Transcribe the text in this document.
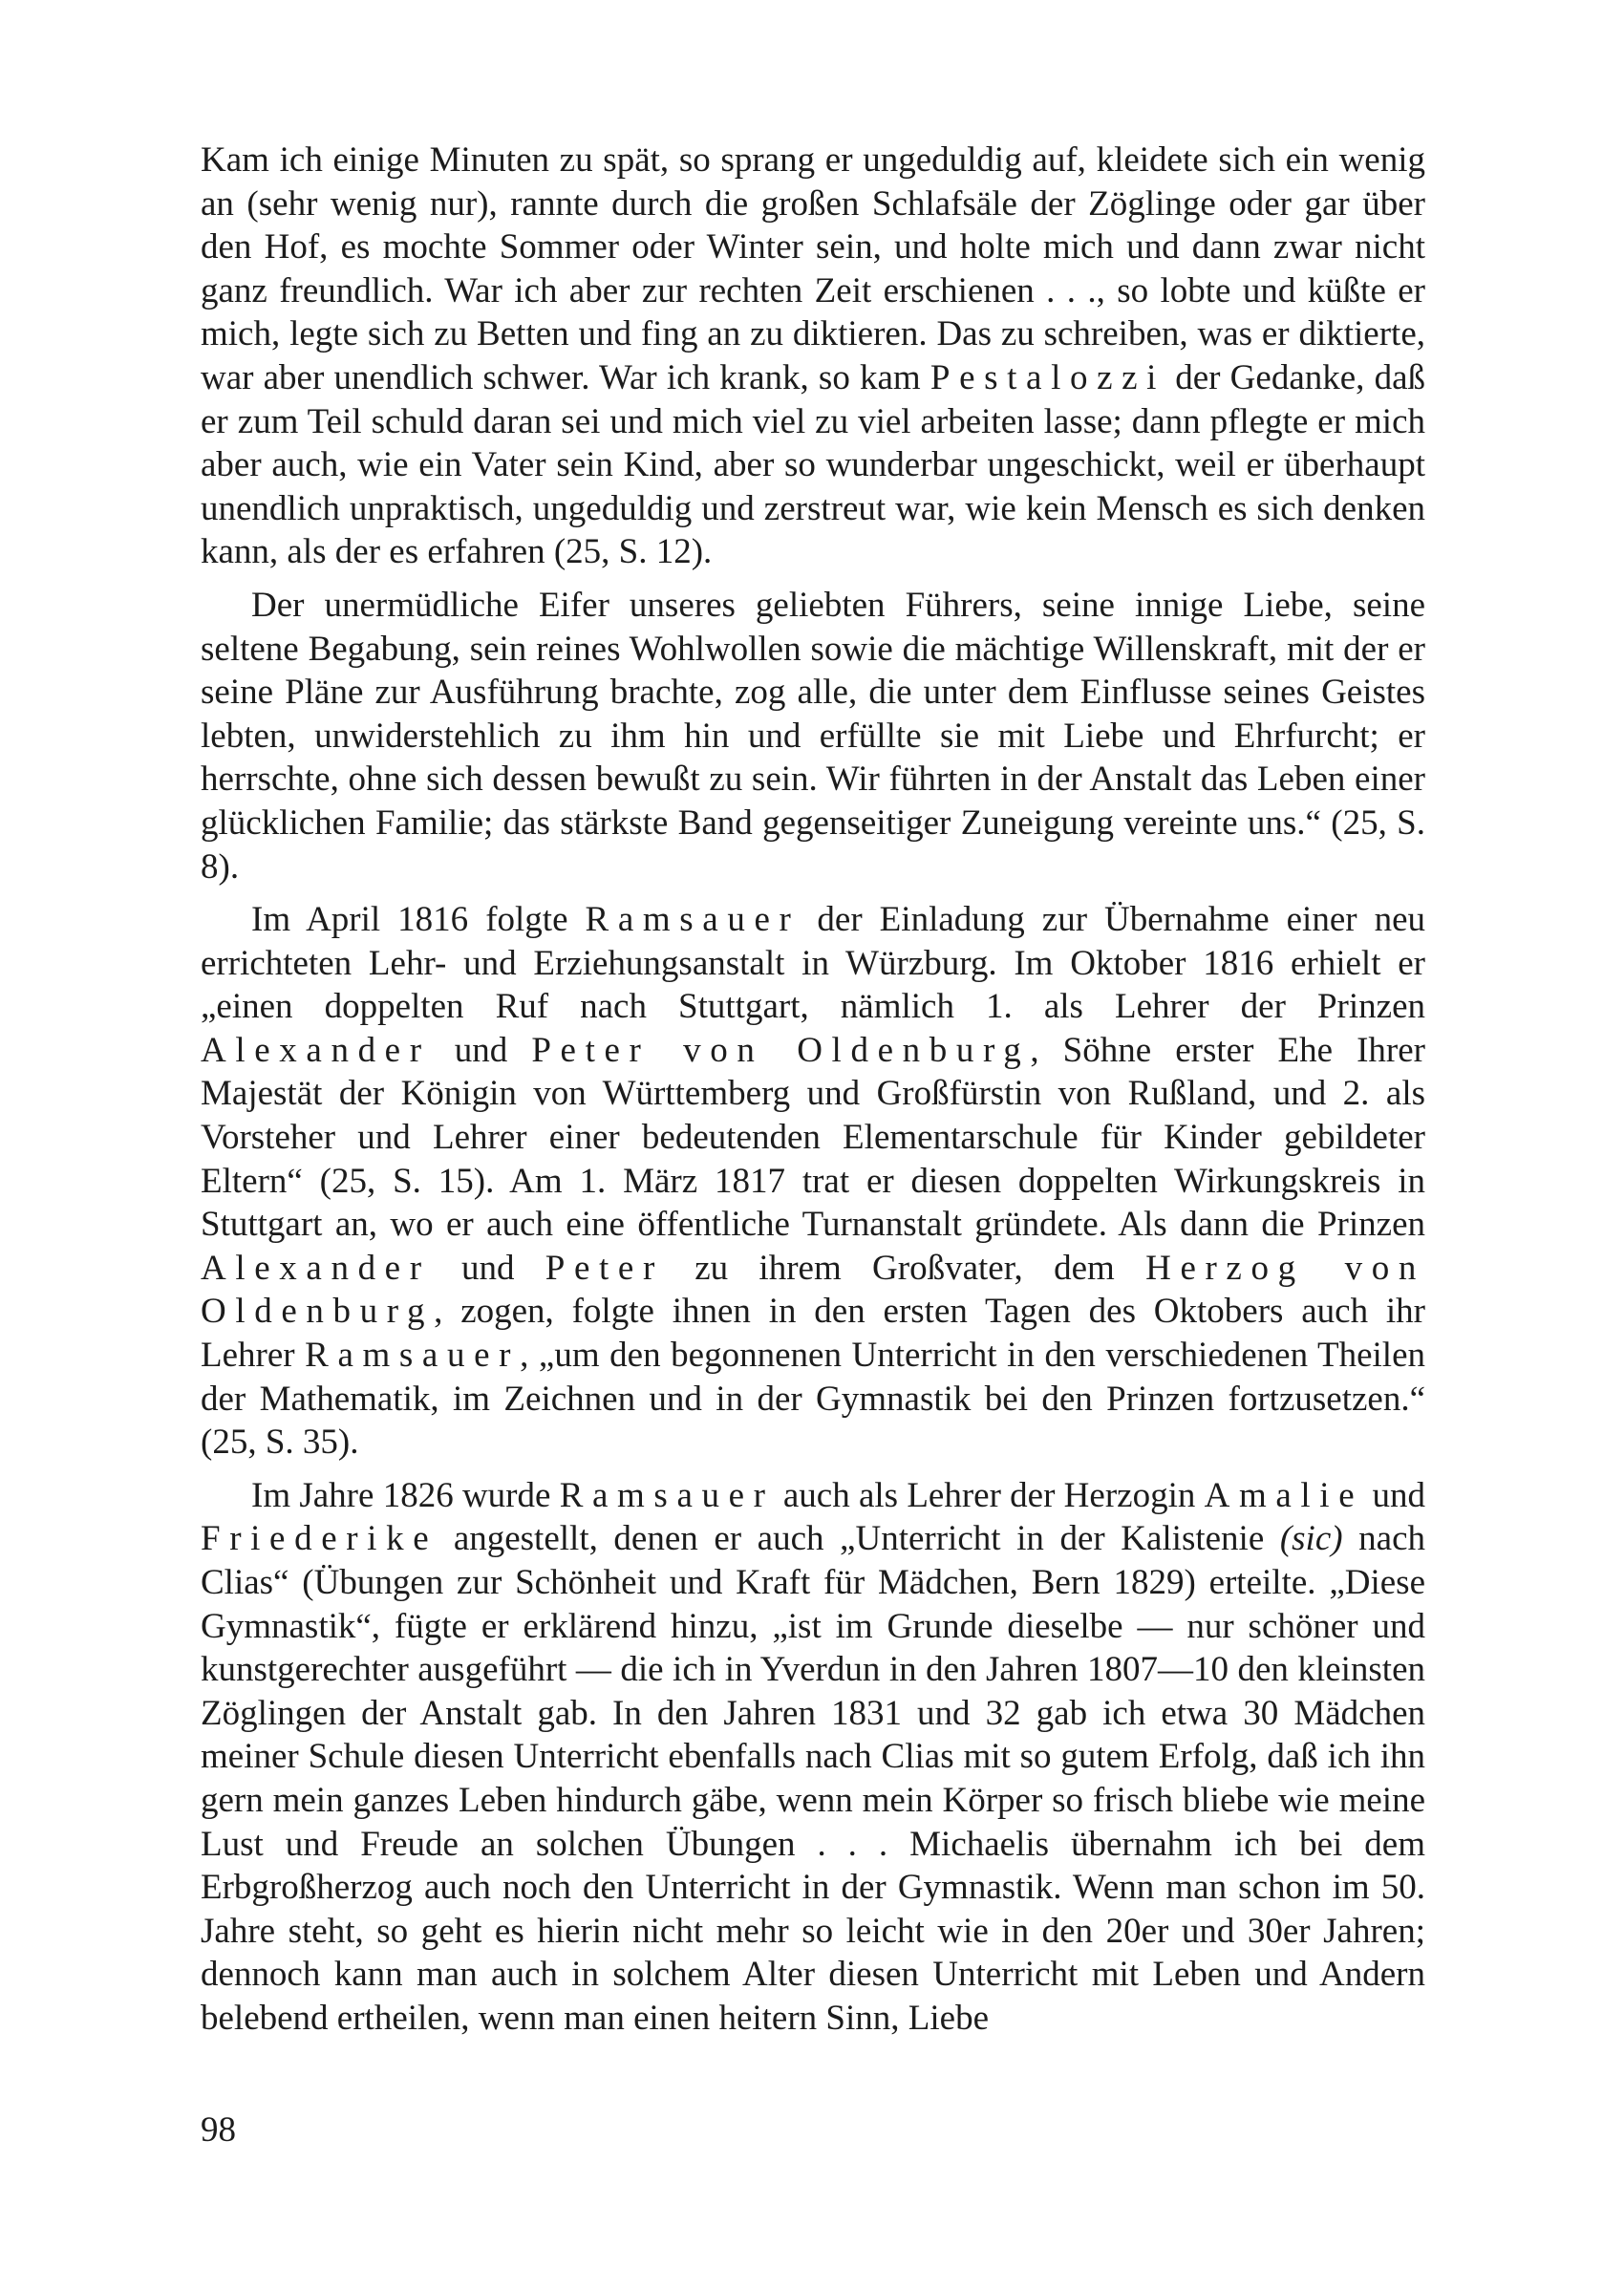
Kam ich einige Minuten zu spät, so sprang er ungeduldig auf, kleidete sich ein wenig an (sehr wenig nur), rannte durch die großen Schlafsäle der Zöglinge oder gar über den Hof, es mochte Sommer oder Winter sein, und holte mich und dann zwar nicht ganz freundlich. War ich aber zur rechten Zeit erschienen . . ., so lobte und küßte er mich, legte sich zu Betten und fing an zu diktieren. Das zu schreiben, was er diktierte, war aber unendlich schwer. War ich krank, so kam Pestalozzi der Gedanke, daß er zum Teil schuld daran sei und mich viel zu viel arbeiten lasse; dann pflegte er mich aber auch, wie ein Vater sein Kind, aber so wunderbar ungeschickt, weil er überhaupt unendlich unpraktisch, ungeduldig und zerstreut war, wie kein Mensch es sich denken kann, als der es erfahren (25, S. 12).

Der unermüdliche Eifer unseres geliebten Führers, seine innige Liebe, seine seltene Begabung, sein reines Wohlwollen sowie die mächtige Willenskraft, mit der er seine Pläne zur Ausführung brachte, zog alle, die unter dem Einflusse seines Geistes lebten, unwiderstehlich zu ihm hin und erfüllte sie mit Liebe und Ehrfurcht; er herrschte, ohne sich dessen bewußt zu sein. Wir führten in der Anstalt das Leben einer glücklichen Familie; das stärkste Band gegenseitiger Zuneigung vereinte uns.“ (25, S. 8).

Im April 1816 folgte Ramsauer der Einladung zur Übernahme einer neu errichteten Lehr- und Erziehungsanstalt in Würzburg. Im Oktober 1816 erhielt er „einen doppelten Ruf nach Stuttgart, nämlich 1. als Lehrer der Prinzen Alexander und Peter von Oldenburg, Söhne erster Ehe Ihrer Majestät der Königin von Württemberg und Großfürstin von Rußland, und 2. als Vorsteher und Lehrer einer bedeutenden Elementarschule für Kinder gebildeter Eltern“ (25, S. 15). Am 1. März 1817 trat er diesen doppelten Wirkungskreis in Stuttgart an, wo er auch eine öffentliche Turnanstalt gründete. Als dann die Prinzen Alexander und Peter zu ihrem Großvater, dem Herzog von Oldenburg, zogen, folgte ihnen in den ersten Tagen des Oktobers auch ihr Lehrer Ramsauer, „um den begonnenen Unterricht in den verschiedenen Theilen der Mathematik, im Zeichnen und in der Gymnastik bei den Prinzen fortzusetzen.“ (25, S. 35).

Im Jahre 1826 wurde Ramsauer auch als Lehrer der Herzogin Amalie und Friederike angestellt, denen er auch „Unterricht in der Kalistenie (sic) nach Clias“ (Übungen zur Schönheit und Kraft für Mädchen, Bern 1829) erteilte. „Diese Gymnastik“, fügte er erklärend hinzu, „ist im Grunde dieselbe — nur schöner und kunstgerechter ausgeführt — die ich in Yverdun in den Jahren 1807—10 den kleinsten Zöglingen der Anstalt gab. In den Jahren 1831 und 32 gab ich etwa 30 Mädchen meiner Schule diesen Unterricht ebenfalls nach Clias mit so gutem Erfolg, daß ich ihn gern mein ganzes Leben hindurch gäbe, wenn mein Körper so frisch bliebe wie meine Lust und Freude an solchen Übungen . . . Michaelis übernahm ich bei dem Erbgroßherzog auch noch den Unterricht in der Gymnastik. Wenn man schon im 50. Jahre steht, so geht es hierin nicht mehr so leicht wie in den 20er und 30er Jahren; dennoch kann man auch in solchem Alter diesen Unterricht mit Leben und Andern belebend ertheilen, wenn man einen heitern Sinn, Liebe

98
